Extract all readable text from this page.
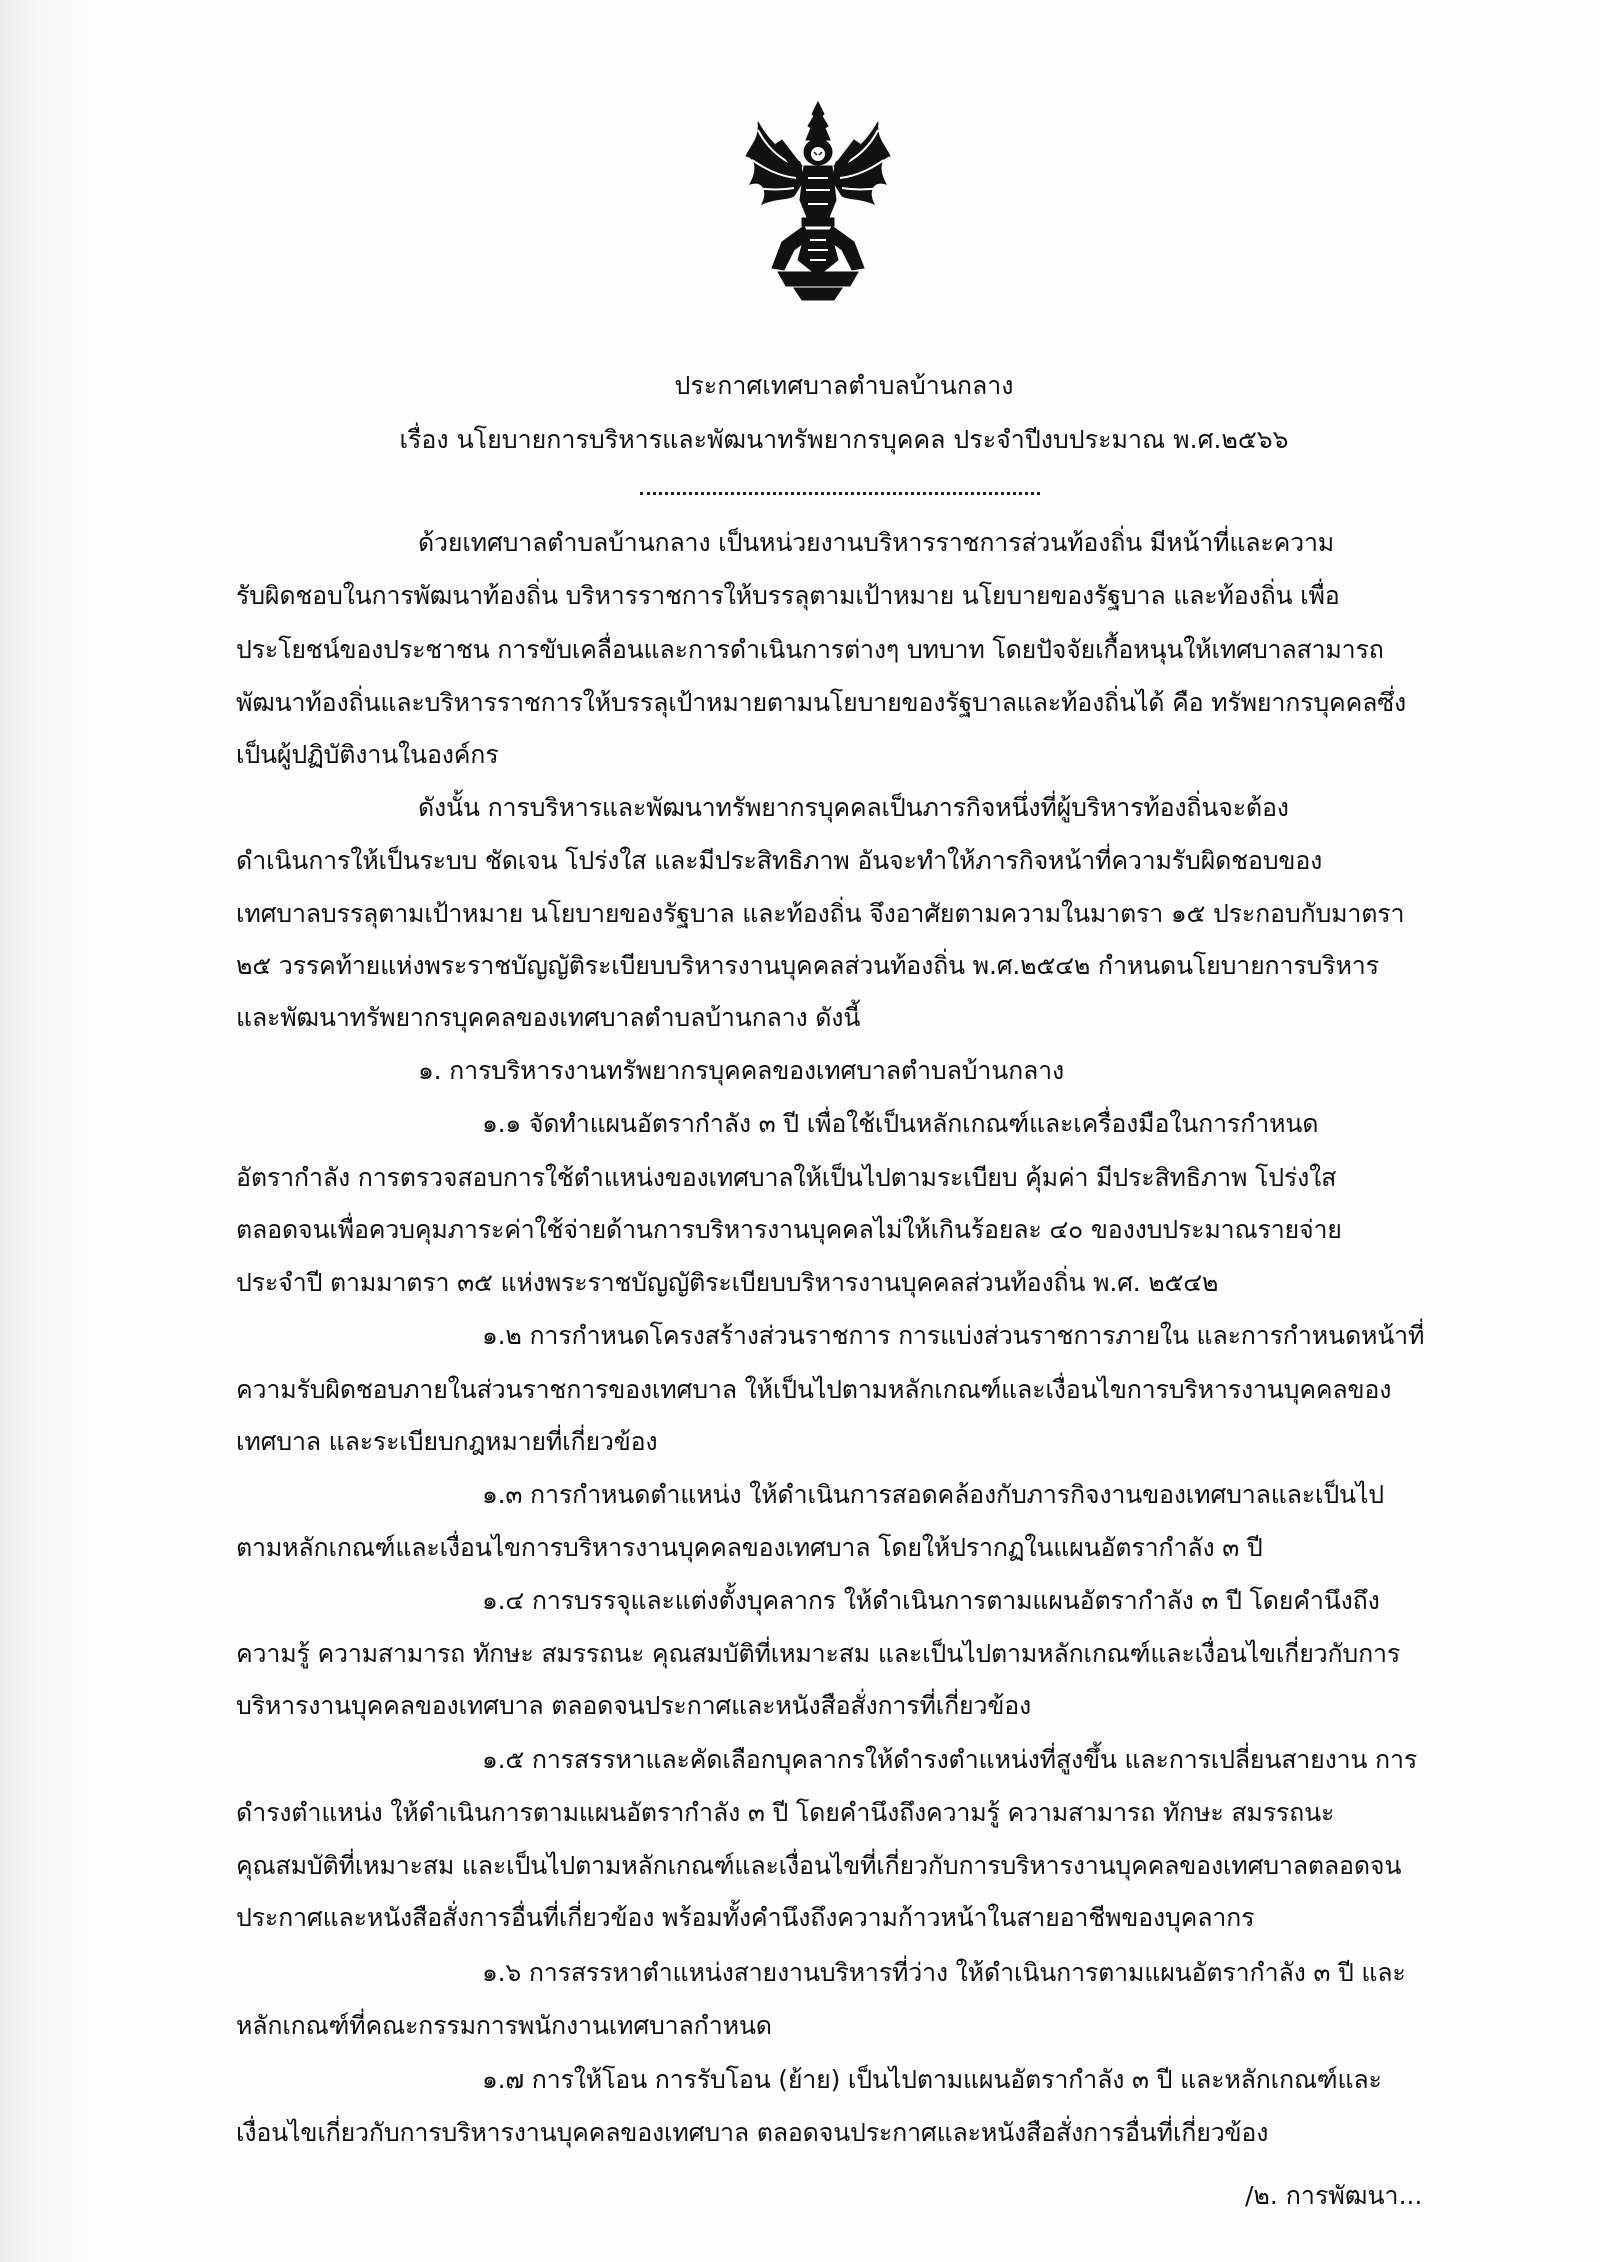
ประกาศเทศบาลตำบลบ้านกลาง
เรื่อง นโยบายการบริหารและพัฒนาทรัพยากรบุคคล ประจำปีงบประมาณ พ.ศ.๒๕๖๖
ด้วยเทศบาลตำบลบ้านกลาง เป็นหน่วยงานบริหารราชการส่วนท้องถิ่น มีหน้าที่และความ
รับผิดชอบในการพัฒนาท้องถิ่น บริหารราชการให้บรรลุตามเป้าหมาย นโยบายของรัฐบาล และท้องถิ่น เพื่อ
ประโยชน์ของประชาชน การขับเคลื่อนและการดำเนินการต่างๆ บทบาท โดยปัจจัยเกื้อหนุนให้เทศบาลสามารถ
พัฒนาท้องถิ่นและบริหารราชการให้บรรลุเป้าหมายตามนโยบายของรัฐบาลและท้องถิ่นได้ คือ ทรัพยากรบุคคลซึ่ง
เป็นผู้ปฏิบัติงานในองค์กร
ดังนั้น การบริหารและพัฒนาทรัพยากรบุคคลเป็นภารกิจหนึ่งที่ผู้บริหารท้องถิ่นจะต้อง
ดำเนินการให้เป็นระบบ ชัดเจน โปร่งใส และมีประสิทธิภาพ อันจะทำให้ภารกิจหน้าที่ความรับผิดชอบของ
เทศบาลบรรลุตามเป้าหมาย นโยบายของรัฐบาล และท้องถิ่น จึงอาศัยตามความในมาตรา ๑๕ ประกอบกับมาตรา
๒๕ วรรคท้ายแห่งพระราชบัญญัติระเบียบบริหารงานบุคคลส่วนท้องถิ่น พ.ศ.๒๕๔๒ กำหนดนโยบายการบริหาร
และพัฒนาทรัพยากรบุคคลของเทศบาลตำบลบ้านกลาง ดังนี้
๑. การบริหารงานทรัพยากรบุคคลของเทศบาลตำบลบ้านกลาง
๑.๑ จัดทำแผนอัตรากำลัง ๓ ปี เพื่อใช้เป็นหลักเกณฑ์และเครื่องมือในการกำหนด
อัตรากำลัง การตรวจสอบการใช้ตำแหน่งของเทศบาลให้เป็นไปตามระเบียบ คุ้มค่า มีประสิทธิภาพ โปร่งใส
ตลอดจนเพื่อควบคุมภาระค่าใช้จ่ายด้านการบริหารงานบุคคลไม่ให้เกินร้อยละ ๔๐ ของงบประมาณรายจ่าย
ประจำปี ตามมาตรา ๓๕ แห่งพระราชบัญญัติระเบียบบริหารงานบุคคลส่วนท้องถิ่น พ.ศ. ๒๕๔๒
๑.๒ การกำหนดโครงสร้างส่วนราชการ การแบ่งส่วนราชการภายใน และการกำหนดหน้าที่
ความรับผิดชอบภายในส่วนราชการของเทศบาล ให้เป็นไปตามหลักเกณฑ์และเงื่อนไขการบริหารงานบุคคลของ
เทศบาล และระเบียบกฎหมายที่เกี่ยวข้อง
๑.๓ การกำหนดตำแหน่ง ให้ดำเนินการสอดคล้องกับภารกิจงานของเทศบาลและเป็นไป
ตามหลักเกณฑ์และเงื่อนไขการบริหารงานบุคคลของเทศบาล โดยให้ปรากฏในแผนอัตรากำลัง ๓ ปี
๑.๔ การบรรจุและแต่งตั้งบุคลากร ให้ดำเนินการตามแผนอัตรากำลัง ๓ ปี โดยคำนึงถึง
ความรู้ ความสามารถ ทักษะ สมรรถนะ คุณสมบัติที่เหมาะสม และเป็นไปตามหลักเกณฑ์และเงื่อนไขเกี่ยวกับการ
บริหารงานบุคคลของเทศบาล ตลอดจนประกาศและหนังสือสั่งการที่เกี่ยวข้อง
๑.๕ การสรรหาและคัดเลือกบุคลากรให้ดำรงตำแหน่งที่สูงขึ้น และการเปลี่ยนสายงาน การ
ดำรงตำแหน่ง ให้ดำเนินการตามแผนอัตรากำลัง ๓ ปี โดยคำนึงถึงความรู้ ความสามารถ ทักษะ สมรรถนะ
คุณสมบัติที่เหมาะสม และเป็นไปตามหลักเกณฑ์และเงื่อนไขที่เกี่ยวกับการบริหารงานบุคคลของเทศบาลตลอดจน
ประกาศและหนังสือสั่งการอื่นที่เกี่ยวข้อง พร้อมทั้งคำนึงถึงความก้าวหน้าในสายอาชีพของบุคลากร
๑.๖ การสรรหาตำแหน่งสายงานบริหารที่ว่าง ให้ดำเนินการตามแผนอัตรากำลัง ๓ ปี และ
หลักเกณฑ์ที่คณะกรรมการพนักงานเทศบาลกำหนด
๑.๗ การให้โอน การรับโอน (ย้าย) เป็นไปตามแผนอัตรากำลัง ๓ ปี และหลักเกณฑ์และ
เงื่อนไขเกี่ยวกับการบริหารงานบุคคลของเทศบาล ตลอดจนประกาศและหนังสือสั่งการอื่นที่เกี่ยวข้อง
/๒. การพัฒนา...
